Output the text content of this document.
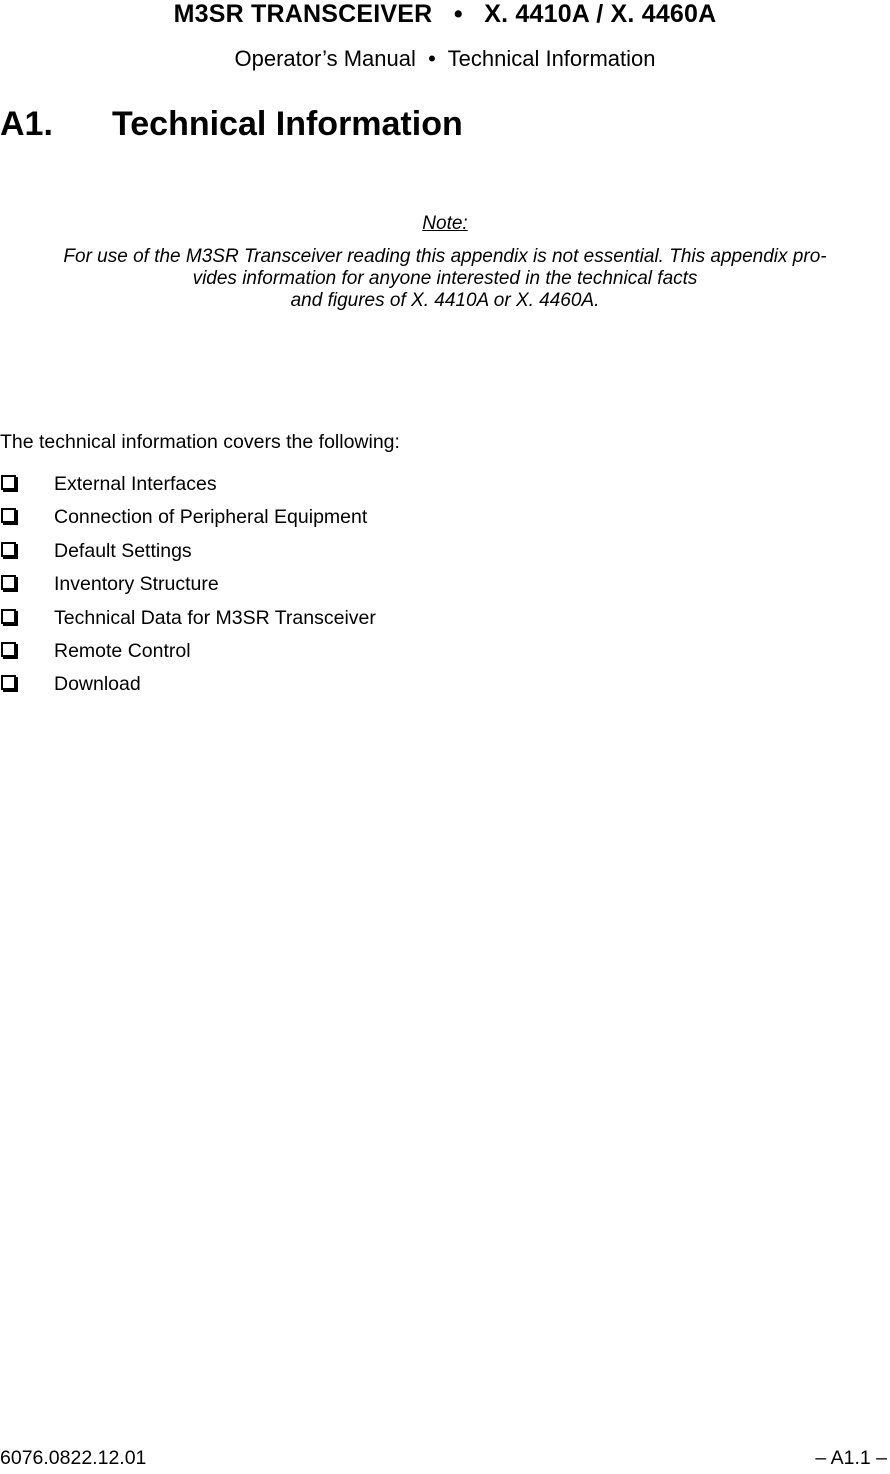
M3SR TRANSCEIVER   •   X. 4410A / X. 4460A
Operator’s Manual  •  Technical Information
A1. Technical Information
Note:
For use of the M3SR Transceiver reading this appendix is not essential. This appendix pro-
vides information for anyone interested in the technical facts
and figures of X. 4410A or X. 4460A.
The technical information covers the following:
External Interfaces
Connection of Peripheral Equipment
Default Settings
Inventory Structure
Technical Data for M3SR Transceiver
Remote Control
Download
6076.0822.12.01	– A1.1 –
